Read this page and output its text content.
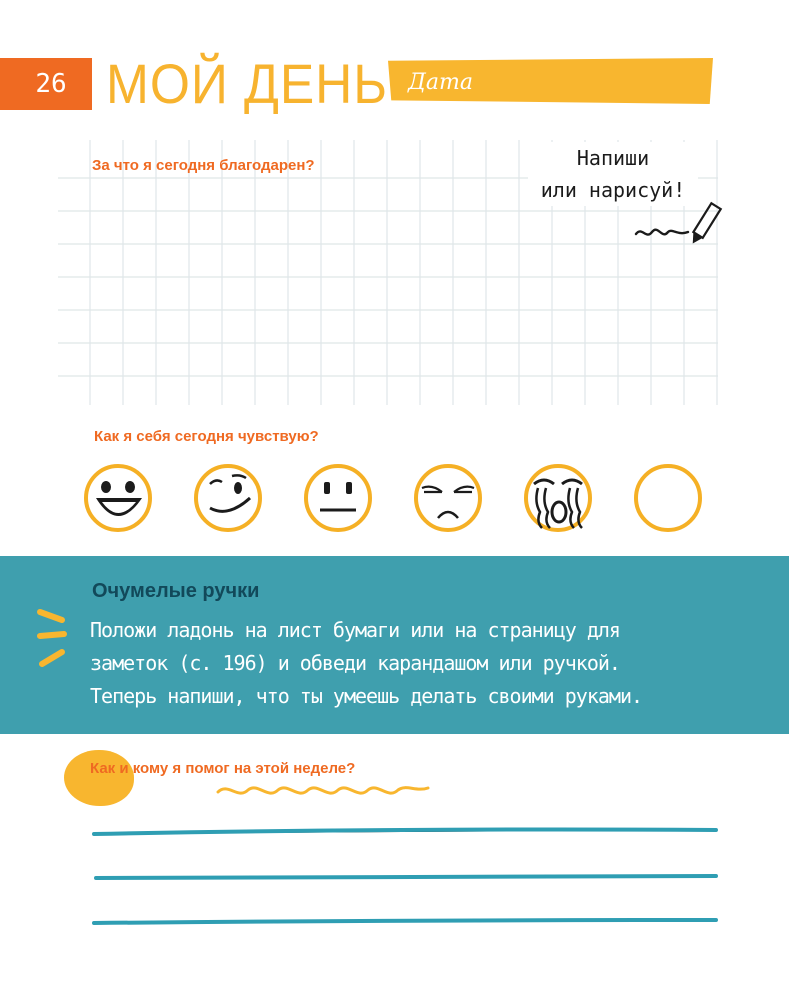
26 МОЙ ДЕНЬ Дата
За что я сегодня благодарен?	Напиши
или нарисуй!
Как я себя сегодня чувствую?
Очумелые ручки
Положи ладонь на лист бумаги или на страницу для
заметок (с. 196) и обведи карандашом или ручкой.
Теперь напиши, что ты умеешь делать своими руками.
Как и кому я помог на этой неделе?
